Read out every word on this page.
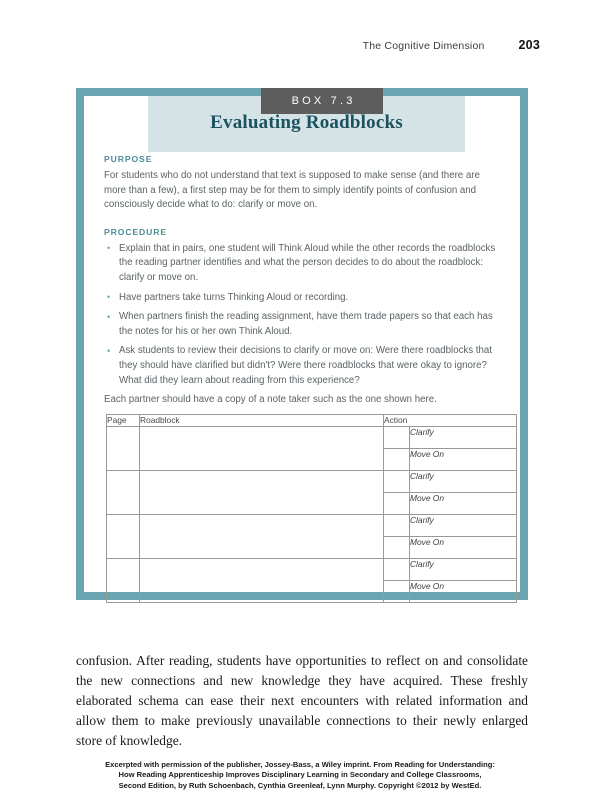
The Cognitive Dimension	203
BOX 7.3
Evaluating Roadblocks

PURPOSE

For students who do not understand that text is supposed to make sense (and there are more than a few), a first step may be for them to simply identify points of confusion and consciously decide what to do: clarify or move on.

PROCEDURE

• Explain that in pairs, one student will Think Aloud while the other records the roadblocks the reading partner identifies and what the person decides to do about the roadblock: clarify or move on.
• Have partners take turns Thinking Aloud or recording.
• When partners finish the reading assignment, have them trade papers so that each has the notes for his or her own Think Aloud.
• Ask students to review their decisions to clarify or move on: Were there roadblocks that they should have clarified but didn't? Were there roadblocks that were okay to ignore? What did they learn about reading from this experience?

Each partner should have a copy of a note taker such as the one shown here.

Page	Roadblock	Action	
			Clarify
			Move On
			Clarify
			Move On
			Clarify
			Move On
			Clarify
			Move On

confusion. After reading, students have opportunities to reflect on and consolidate the new connections and new knowledge they have acquired. These freshly elaborated schema can ease their next encounters with related information and allow them to make previously unavailable connections to their newly enlarged store of knowledge.

Excerpted with permission of the publisher, Jossey-Bass, a Wiley imprint. From Reading for Understanding:
How Reading Apprenticeship Improves Disciplinary Learning in Secondary and College Classrooms,
Second Edition, by Ruth Schoenbach, Cynthia Greenleaf, Lynn Murphy. Copyright ©2012 by WestEd.
